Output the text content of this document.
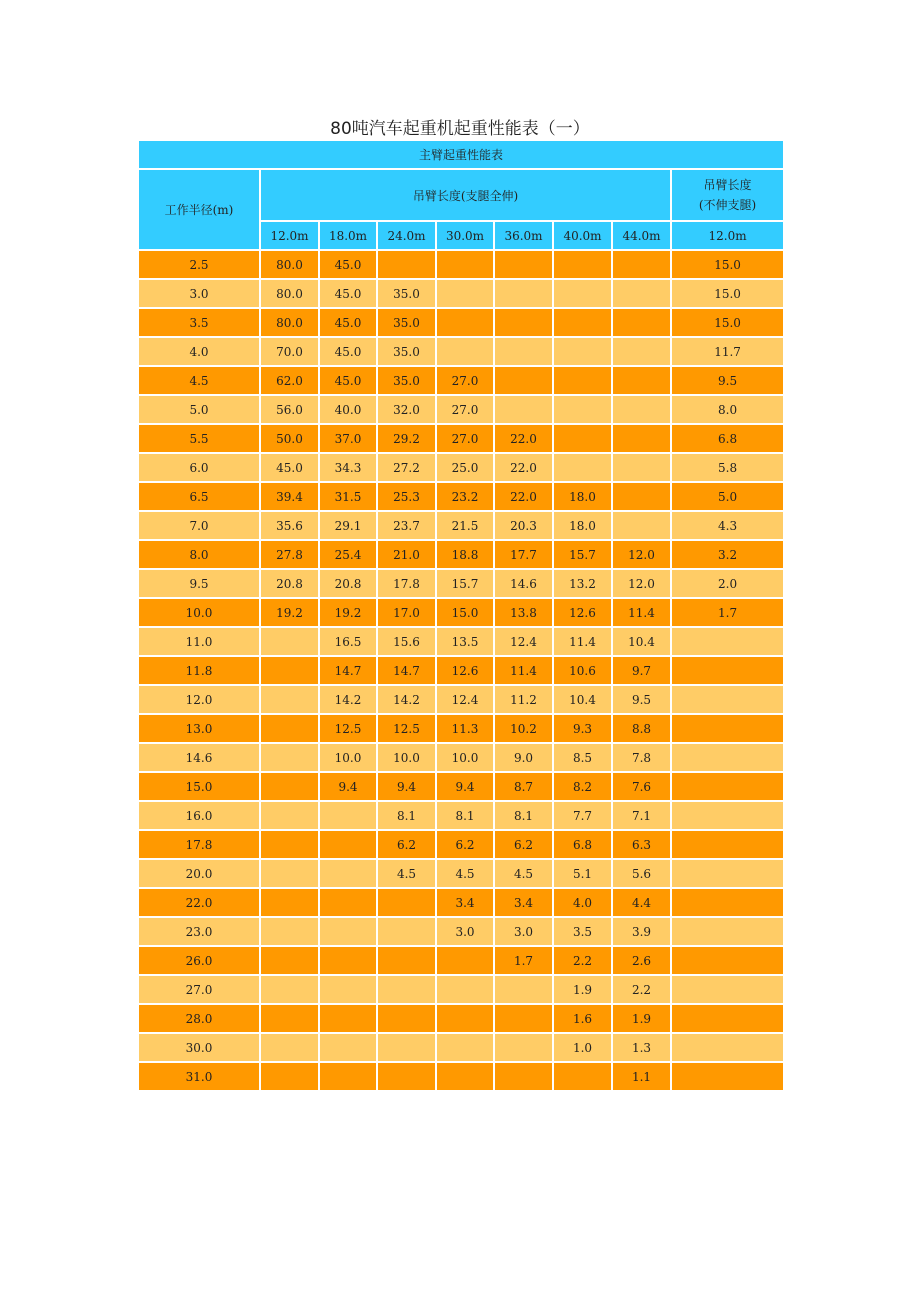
80吨汽车起重机起重性能表（一）
主臂起重性能表								
工作半径(m)	吊臂长度(支腿全伸)							吊臂长度
(不伸支腿)
	12.0m	18.0m	24.0m	30.0m	36.0m	40.0m	44.0m	12.0m
2.5	80.0	45.0						15.0
3.0	80.0	45.0	35.0					15.0
3.5	80.0	45.0	35.0					15.0
4.0	70.0	45.0	35.0					11.7
4.5	62.0	45.0	35.0	27.0				9.5
5.0	56.0	40.0	32.0	27.0				8.0
5.5	50.0	37.0	29.2	27.0	22.0			6.8
6.0	45.0	34.3	27.2	25.0	22.0			5.8
6.5	39.4	31.5	25.3	23.2	22.0	18.0		5.0
7.0	35.6	29.1	23.7	21.5	20.3	18.0		4.3
8.0	27.8	25.4	21.0	18.8	17.7	15.7	12.0	3.2
9.5	20.8	20.8	17.8	15.7	14.6	13.2	12.0	2.0
10.0	19.2	19.2	17.0	15.0	13.8	12.6	11.4	1.7
11.0		16.5	15.6	13.5	12.4	11.4	10.4	
11.8		14.7	14.7	12.6	11.4	10.6	9.7	
12.0		14.2	14.2	12.4	11.2	10.4	9.5	
13.0		12.5	12.5	11.3	10.2	9.3	8.8	
14.6		10.0	10.0	10.0	9.0	8.5	7.8	
15.0		9.4	9.4	9.4	8.7	8.2	7.6	
16.0			8.1	8.1	8.1	7.7	7.1	
17.8			6.2	6.2	6.2	6.8	6.3	
20.0			4.5	4.5	4.5	5.1	5.6	
22.0				3.4	3.4	4.0	4.4	
23.0				3.0	3.0	3.5	3.9	
26.0					1.7	2.2	2.6	
27.0						1.9	2.2	
28.0						1.6	1.9	
30.0						1.0	1.3	
31.0							1.1	
